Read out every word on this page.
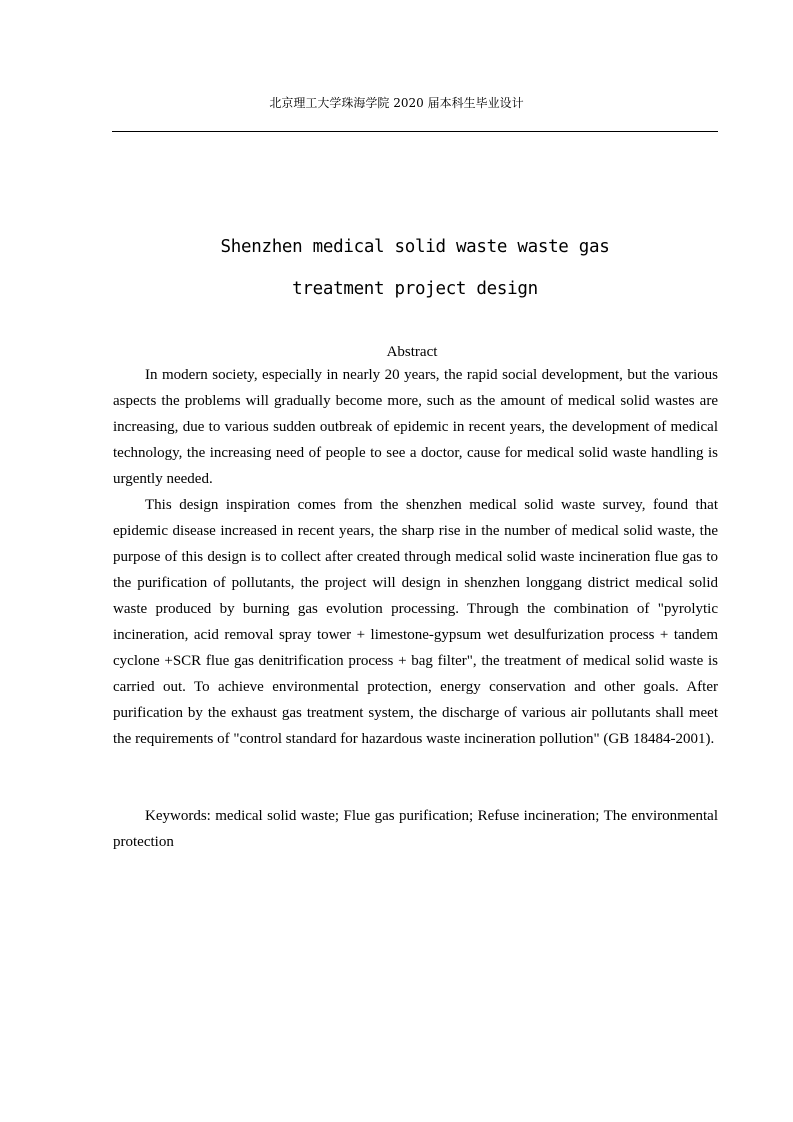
北京理工大学珠海学院 2020 届本科生毕业设计
Shenzhen medical solid waste waste gas
treatment project design
Abstract

In modern society, especially in nearly 20 years, the rapid social development, but the various aspects the problems will gradually become more, such as the amount of medical solid wastes are increasing, due to various sudden outbreak of epidemic in recent years, the development of medical technology, the increasing need of people to see a doctor, cause for medical solid waste handling is urgently needed.

This design inspiration comes from the shenzhen medical solid waste survey, found that epidemic disease increased in recent years, the sharp rise in the number of medical solid waste, the purpose of this design is to collect after created through medical solid waste incineration flue gas to the purification of pollutants, the project will design in shenzhen longgang district medical solid waste produced by burning gas evolution processing. Through the combination of "pyrolytic incineration, acid removal spray tower + limestone-gypsum wet desulfurization process + tandem cyclone +SCR flue gas denitrification process + bag filter", the treatment of medical solid waste is carried out. To achieve environmental protection, energy conservation and other goals. After purification by the exhaust gas treatment system, the discharge of various air pollutants shall meet the requirements of "control standard for hazardous waste incineration pollution" (GB 18484-2001).

Keywords: medical solid waste; Flue gas purification; Refuse incineration; The environmental protection
